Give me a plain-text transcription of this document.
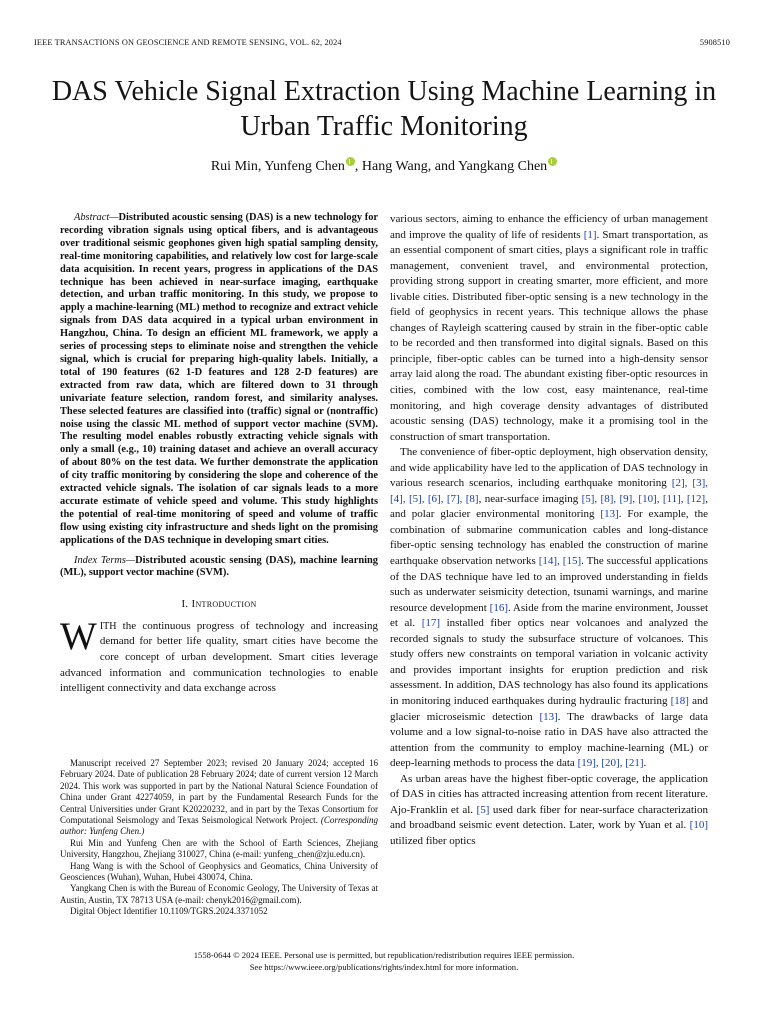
IEEE TRANSACTIONS ON GEOSCIENCE AND REMOTE SENSING, VOL. 62, 2024	5908510
DAS Vehicle Signal Extraction Using Machine Learning in Urban Traffic Monitoring
Rui Min, Yunfeng Chen , Hang Wang, and Yangkang Chen

Abstract—Distributed acoustic sensing (DAS) is a new technology for recording vibration signals using optical fibers, and is advantageous over traditional seismic geophones given high spatial sampling density, real-time monitoring capabilities, and relatively low cost for large-scale data acquisition. In recent years, progress in applications of the DAS technique has been achieved in near-surface imaging, earthquake detection, and urban traffic monitoring. In this study, we propose to apply a machine-learning (ML) method to recognize and extract vehicle signals from DAS data acquired in a typical urban environment in Hangzhou, China. To design an efficient ML framework, we apply a series of processing steps to eliminate noise and strengthen the vehicle signal, which is crucial for preparing high-quality labels. Initially, a total of 190 features (62 1-D features and 128 2-D features) are extracted from raw data, which are filtered down to 31 through univariate feature selection, random forest, and similarity analyses. These selected features are classified into (traffic) signal or (nontraffic) noise using the classic ML method of support vector machine (SVM). The resulting model enables robustly extracting vehicle signals with only a small (e.g., 10) training dataset and achieve an overall accuracy of about 80% on the test data. We further demonstrate the application of city traffic monitoring by considering the slope and coherence of the extracted vehicle signals. The isolation of car signals leads to a more accurate estimate of vehicle speed and volume. This study highlights the potential of real-time monitoring of speed and volume of traffic flow using existing city infrastructure and sheds light on the promising applications of the DAS technique in developing smart cities.

Index Terms—Distributed acoustic sensing (DAS), machine learning (ML), support vector machine (SVM).

I. Introduction

WITH the continuous progress of technology and increasing demand for better life quality, smart cities have become the core concept of urban development. Smart cities leverage advanced information and communication technologies to enable intelligent connectivity and data exchange across

Manuscript received 27 September 2023; revised 20 January 2024; accepted 16 February 2024. Date of publication 28 February 2024; date of current version 12 March 2024. This work was supported in part by the National Natural Science Foundation of China under Grant 42274059, in part by the Fundamental Research Funds for the Central Universities under Grant K20220232, and in part by the Texas Consortium for Computational Seismology and Texas Seismological Network Project. (Corresponding author: Yunfeng Chen.)

Rui Min and Yunfeng Chen are with the School of Earth Sciences, Zhejiang University, Hangzhou, Zhejiang 310027, China (e-mail: yunfeng_chen@zju.edu.cn).

Hang Wang is with the School of Geophysics and Geomatics, China University of Geosciences (Wuhan), Wuhan, Hubei 430074, China.

Yangkang Chen is with the Bureau of Economic Geology, The University of Texas at Austin, Austin, TX 78713 USA (e-mail: chenyk2016@gmail.com).

Digital Object Identifier 10.1109/TGRS.2024.3371052

various sectors, aiming to enhance the efficiency of urban management and improve the quality of life of residents [1]. Smart transportation, as an essential component of smart cities, plays a significant role in traffic management, convenient travel, and environmental protection, providing strong support in creating smarter, more efficient, and more livable cities. Distributed fiber-optic sensing is a new technology in the field of geophysics in recent years. This technique allows the phase changes of Rayleigh scattering caused by strain in the fiber-optic cable to be recorded and then transformed into digital signals. Based on this principle, fiber-optic cables can be turned into a high-density sensor array laid along the road. The abundant existing fiber-optic resources in cities, combined with the low cost, easy maintenance, real-time monitoring, and high coverage density advantages of distributed acoustic sensing (DAS) technology, make it a promising tool in the construction of smart transportation.

The convenience of fiber-optic deployment, high observation density, and wide applicability have led to the application of DAS technology in various research scenarios, including earthquake monitoring [2], [3], [4], [5], [6], [7], [8], near-surface imaging [5], [8], [9], [10], [11], [12], and polar glacier environmental monitoring [13]. For example, the combination of submarine communication cables and long-distance fiber-optic sensing technology has enabled the construction of marine earthquake observation networks [14], [15]. The successful applications of the DAS technique have led to an improved understanding in fields such as underwater seismicity detection, tsunami warnings, and marine resource development [16]. Aside from the marine environment, Jousset et al. [17] installed fiber optics near volcanoes and analyzed the recorded signals to study the subsurface structure of volcanoes. This study offers new constraints on temporal variation in volcanic activity and provides important insights for eruption prediction and risk assessment. In addition, DAS technology has also found its applications in monitoring induced earthquakes during hydraulic fracturing [18] and glacier microseismic detection [13]. The drawbacks of large data volume and a low signal-to-noise ratio in DAS have also attracted the attention from the community to employ machine-learning (ML) or deep-learning methods to process the data [19], [20], [21].

As urban areas have the highest fiber-optic coverage, the application of DAS in cities has attracted increasing attention from recent literature. Ajo-Franklin et al. [5] used dark fiber for near-surface characterization and broadband seismic event detection. Later, work by Yuan et al. [10] utilized fiber optics

1558-0644 © 2024 IEEE. Personal use is permitted, but republication/redistribution requires IEEE permission.
See https://www.ieee.org/publications/rights/index.html for more information.
